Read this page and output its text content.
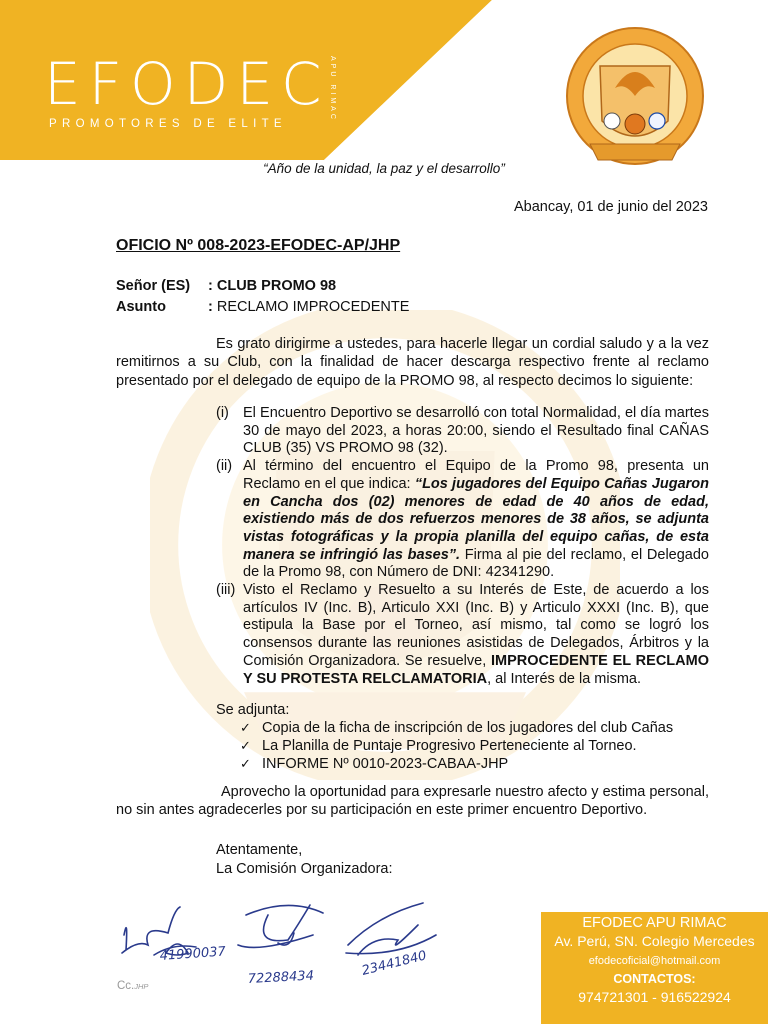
EFODEC
PROMOTORES DE ELITE
APU RIMAC
“Año de la unidad, la paz y el desarrollo”
Abancay, 01 de junio del 2023
OFICIO Nº 008-2023-EFODEC-AP/JHP
Señor (ES) : CLUB PROMO 98
Asunto	: RECLAMO IMPROCEDENTE
Es grato dirigirme a ustedes, para hacerle llegar un cordial saludo y a la vez remitirnos a su Club, con la finalidad de hacer descarga respectivo frente al reclamo presentado por el delegado de equipo de la PROMO 98, al respecto decimos lo siguiente:
(i) El Encuentro Deportivo se desarrolló con total Normalidad, el día martes 30 de mayo del 2023, a horas 20:00, siendo el Resultado final CAÑAS CLUB (35) VS PROMO 98 (32).
(ii) Al término del encuentro el Equipo de la Promo 98, presenta un Reclamo en el que indica: “Los jugadores del Equipo Cañas Jugaron en Cancha dos (02) menores de edad de 40 años de edad, existiendo más de dos refuerzos menores de 38 años, se adjunta vistas fotográficas y la propia planilla del equipo cañas, de esta manera se infringió las bases”. Firma al pie del reclamo, el Delegado de la Promo 98, con Número de DNI: 42341290.
(iii) Visto el Reclamo y Resuelto a su Interés de Este, de acuerdo a los artículos IV (Inc. B), Articulo XXI (Inc. B) y Articulo XXXI (Inc. B), que estipula la Base por el Torneo, así mismo, tal como se logró los consensos durante las reuniones asistidas de Delegados, Árbitros y la Comisión Organizadora. Se resuelve, IMPROCEDENTE EL RECLAMO Y SU PROTESTA RELCLAMATORIA, al Interés de la misma.
Se adjunta:
✓ Copia de la ficha de inscripción de los jugadores del club Cañas
✓ La Planilla de Puntaje Progresivo Perteneciente al Torneo.
✓ INFORME Nº 0010-2023-CABAA-JHP
Aprovecho la oportunidad para expresarle nuestro afecto y estima personal, no sin antes agradecerles por su participación en este primer encuentro Deportivo.
Atentamente,
La Comisión Organizadora:
41990037
72288434	23441840
Cc.JHP
EFODEC APU RIMAC
Av. Perú, SN. Colegio Mercedes
efodecoficial@hotmail.com
CONTACTOS:
974721301 - 916522924
